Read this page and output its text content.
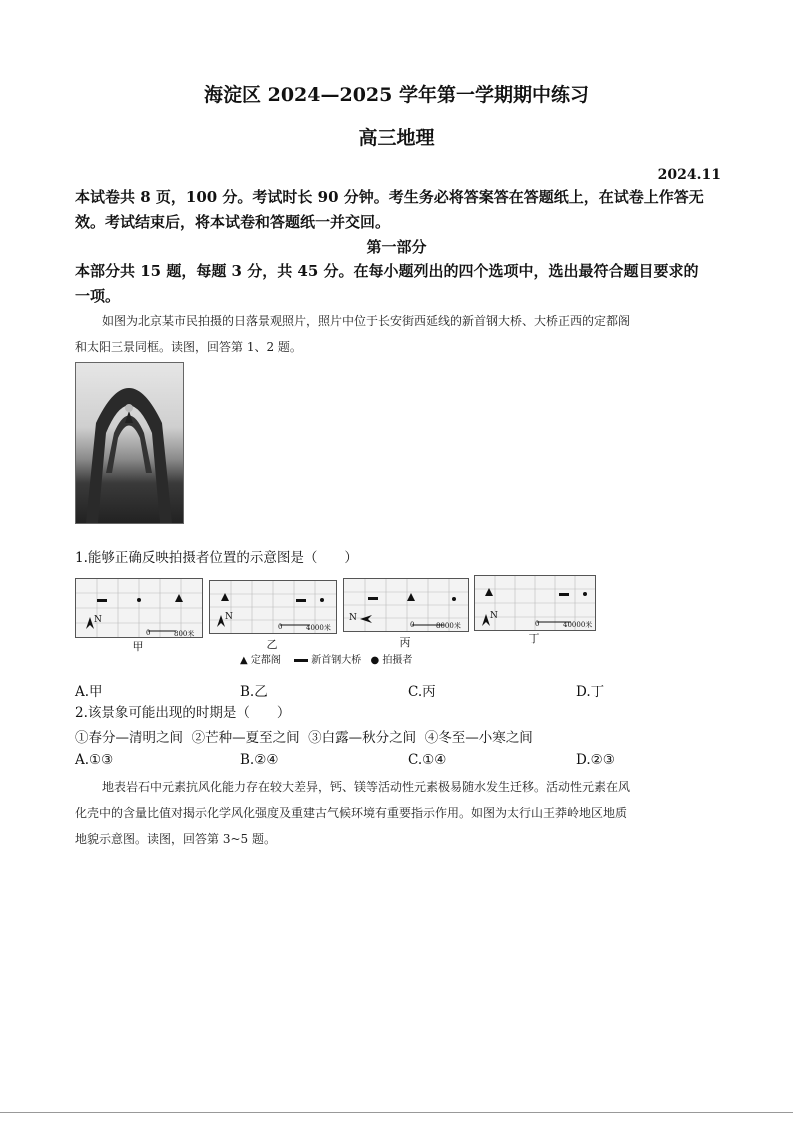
海淀区 2024—2025 学年第一学期期中练习
高三地理
2024.11
本试卷共 8 页，100 分。考试时长 90 分钟。考生务必将答案答在答题纸上，在试卷上作答无
效。考试结束后，将本试卷和答题纸一并交回。
第一部分
本部分共 15 题，每题 3 分，共 45 分。在每小题列出的四个选项中，选出最符合题目要求的
一项。
如图为北京某市民拍摄的日落景观照片，照片中位于长安街西延线的新首钢大桥、大桥正西的定都阁
和太阳三景同框。读图，回答第 1、2 题。
1.能够正确反映拍摄者位置的示意图是（　　）
N
0	800米
甲
N
0	4000米
乙
N
0	8000米
丙
N
0	40000米
丁
▲ 定都阁	新首钢大桥 ● 拍摄者
A.甲	B.乙	C.丙	D.丁
2.该景象可能出现的时期是（　　）
①春分—清明之间  ②芒种—夏至之间  ③白露—秋分之间  ④冬至—小寒之间
A.①③	B.②④	C.①④	D.②③
地表岩石中元素抗风化能力存在较大差异，钙、镁等活动性元素极易随水发生迁移。活动性元素在风
化壳中的含量比值对揭示化学风化强度及重建古气候环境有重要指示作用。如图为太行山王莽岭地区地质
地貌示意图。读图，回答第 3~5 题。
